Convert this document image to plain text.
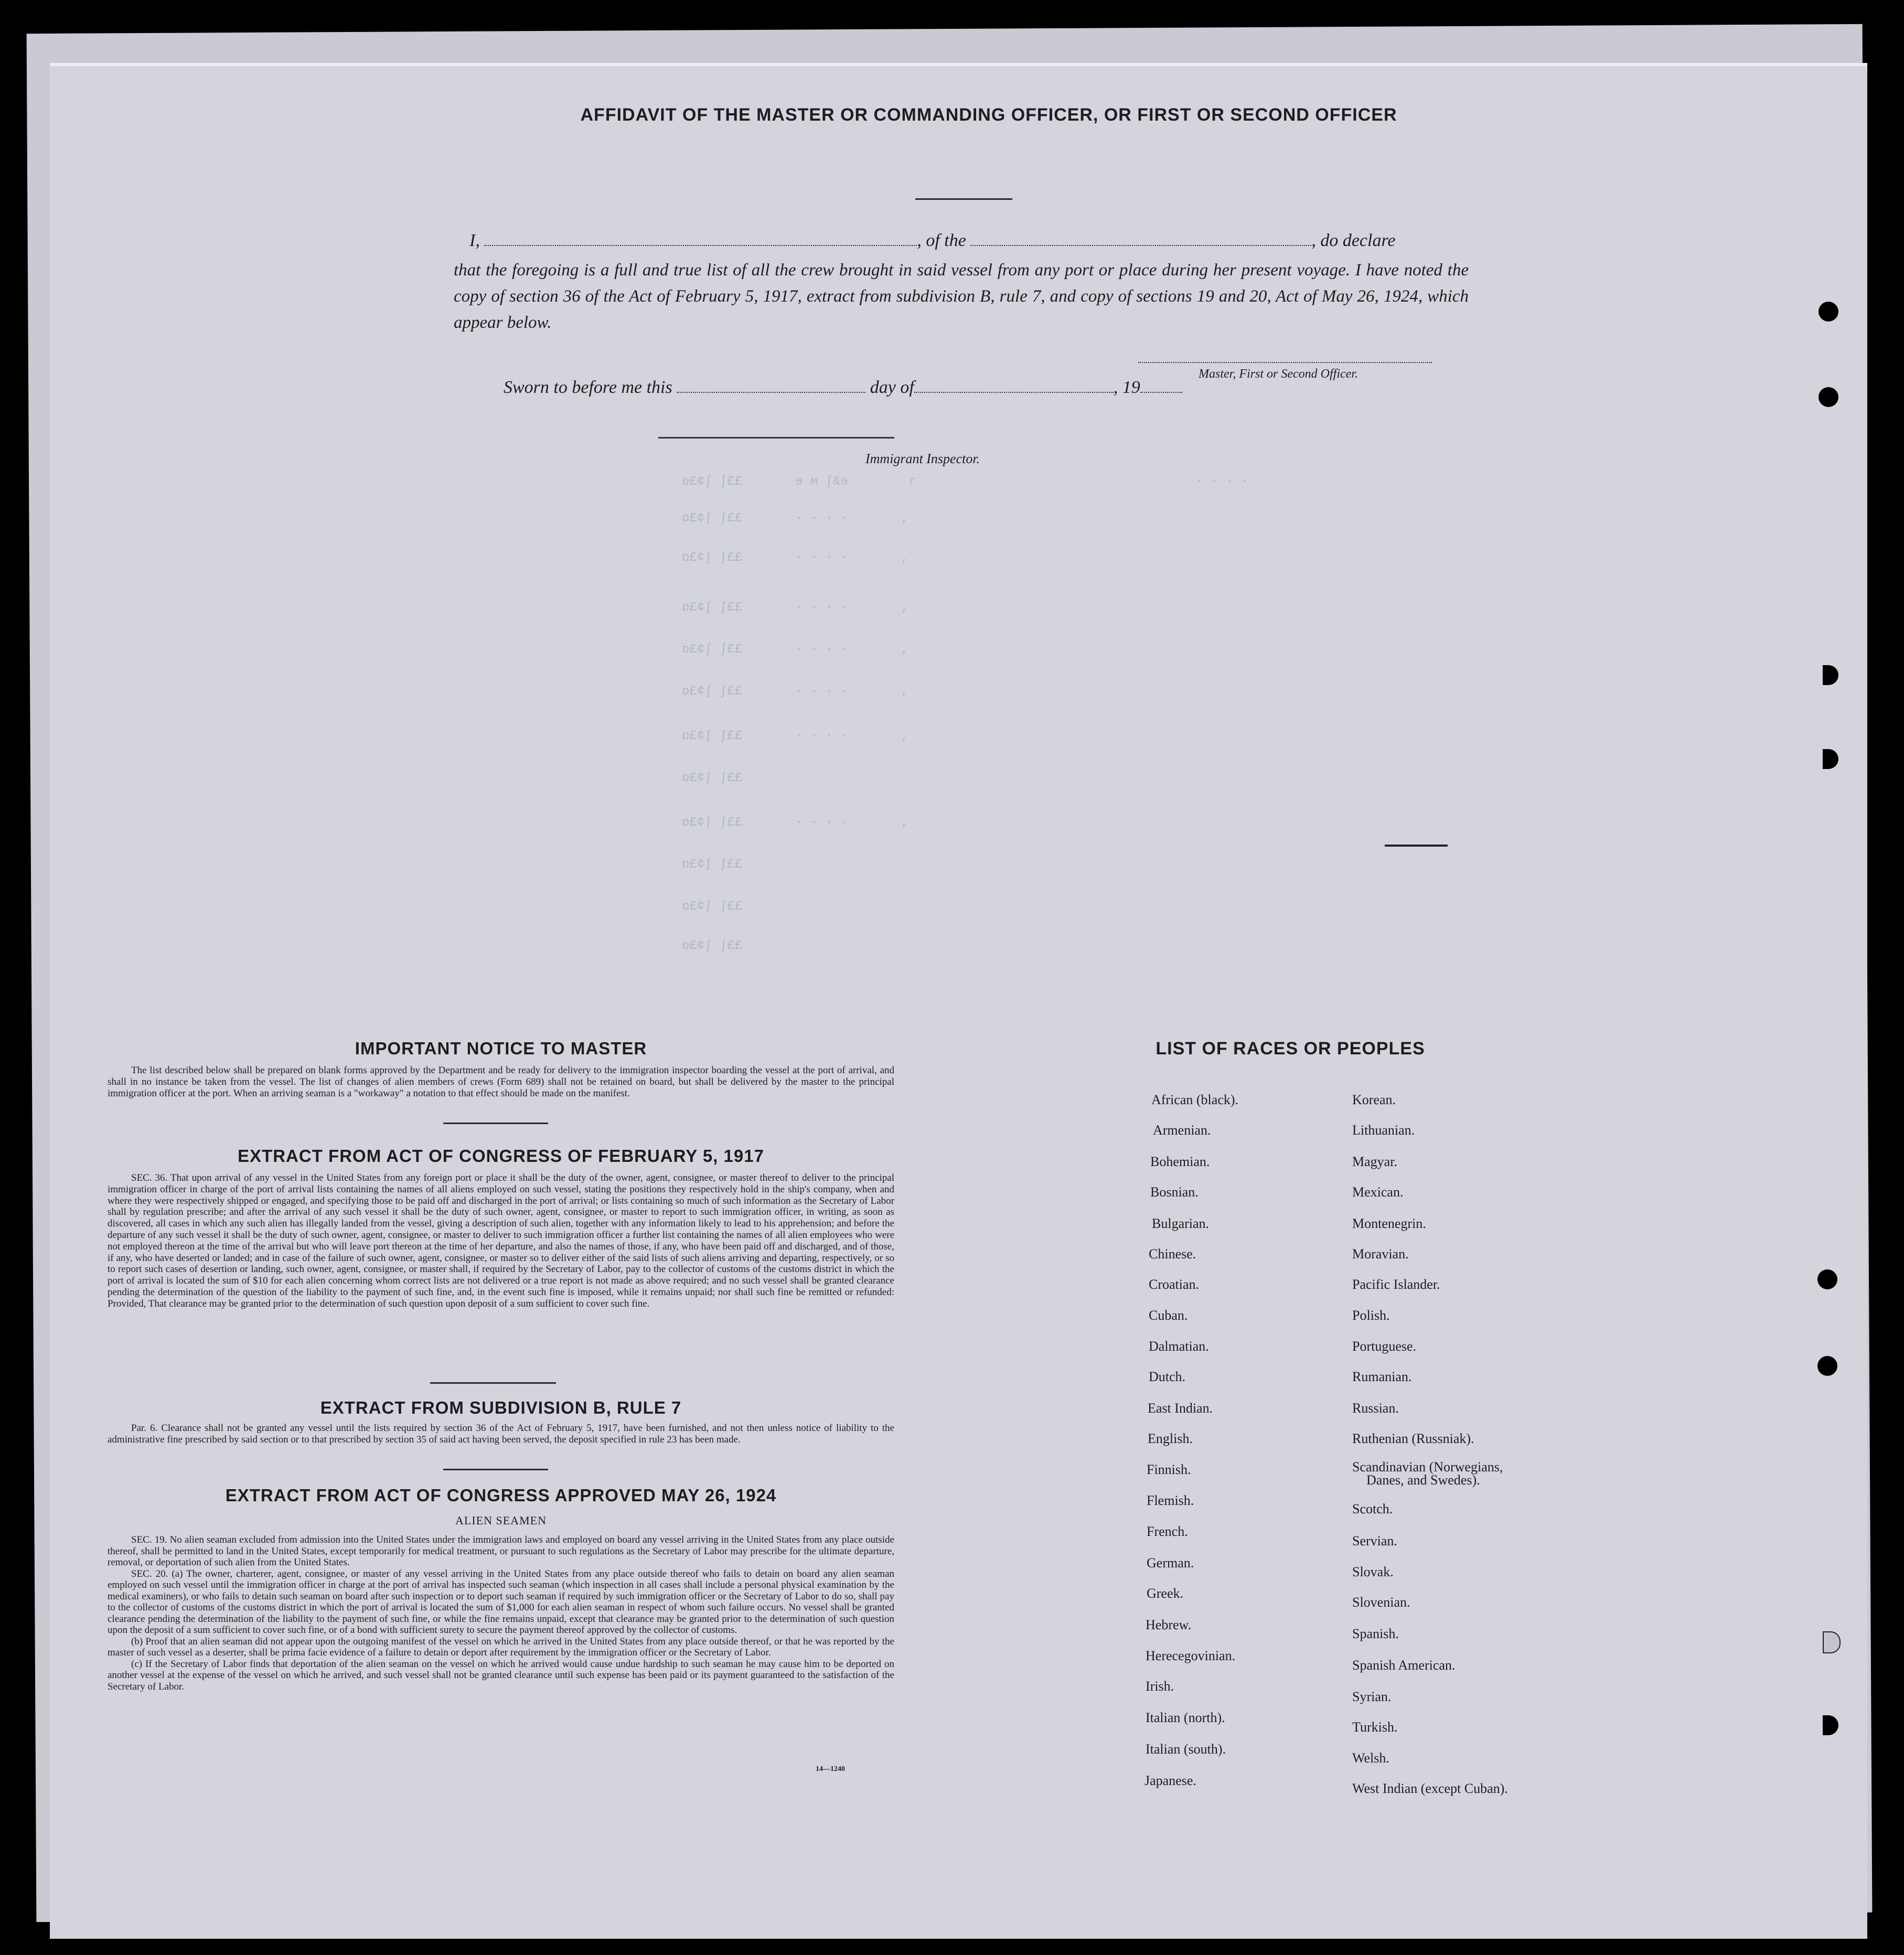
AFFIDAVIT OF THE MASTER OR COMMANDING OFFICER, OR FIRST OR SECOND OFFICER
I,	, of the	, do declare
that the foregoing is a full and true list of all the crew brought in said vessel from any port or place during her present voyage. I have noted the copy of section 36 of the Act of February 5, 1917, extract from subdivision B, rule 7, and copy of sections 19 and 20, Act of May 26, 1924, which appear below.
Master, First or Second Officer.
Sworn to before me this	day of	, 19
Immigrant Inspector.
ɒ£¢ʃ ʃ££       ɘ ʍ ʃ&ɘ        ɾ                                     · · · ·
ɒ£¢ʃ ʃ££       · · · ·       ,
ɒ£¢ʃ ʃ££       · · · ·       ,
ɒ£¢ʃ ʃ££       · · · ·       ,
ɒ£¢ʃ ʃ££       · · · ·       ,
ɒ£¢ʃ ʃ££       · · · ·       ,
ɒ£¢ʃ ʃ££       · · · ·       ,
ɒ£¢ʃ ʃ££
ɒ£¢ʃ ʃ££       · · · ·       ,
ɒ£¢ʃ ʃ££
ɒ£¢ʃ ʃ££
ɒ£¢ʃ ʃ££
IMPORTANT NOTICE TO MASTER

The list described below shall be prepared on blank forms approved by the Department and be ready for delivery to the immigration inspector boarding the vessel at the port of arrival, and shall in no instance be taken from the vessel. The list of changes of alien members of crews (Form 689) shall not be retained on board, but shall be delivered by the master to the principal immigration officer at the port. When an arriving seaman is a "workaway" a notation to that effect should be made on the manifest.

EXTRACT FROM ACT OF CONGRESS OF FEBRUARY 5, 1917

SEC. 36. That upon arrival of any vessel in the United States from any foreign port or place it shall be the duty of the owner, agent, consignee, or master thereof to deliver to the principal immigration officer in charge of the port of arrival lists containing the names of all aliens employed on such vessel, stating the positions they respectively hold in the ship's company, when and where they were respectively shipped or engaged, and specifying those to be paid off and discharged in the port of arrival; or lists containing so much of such information as the Secretary of Labor shall by regulation prescribe; and after the arrival of any such vessel it shall be the duty of such owner, agent, consignee, or master to report to such immigration officer, in writing, as soon as discovered, all cases in which any such alien has illegally landed from the vessel, giving a description of such alien, together with any information likely to lead to his apprehension; and before the departure of any such vessel it shall be the duty of such owner, agent, consignee, or master to deliver to such immigration officer a further list containing the names of all alien employees who were not employed thereon at the time of the arrival but who will leave port thereon at the time of her departure, and also the names of those, if any, who have been paid off and discharged, and of those, if any, who have deserted or landed; and in case of the failure of such owner, agent, consignee, or master so to deliver either of the said lists of such aliens arriving and departing, respectively, or so to report such cases of desertion or landing, such owner, agent, consignee, or master shall, if required by the Secretary of Labor, pay to the collector of customs of the customs district in which the port of arrival is located the sum of $10 for each alien concerning whom correct lists are not delivered or a true report is not made as above required; and no such vessel shall be granted clearance pending the determination of the question of the liability to the payment of such fine, and, in the event such fine is imposed, while it remains unpaid; nor shall such fine be remitted or refunded: Provided, That clearance may be granted prior to the determination of such question upon deposit of a sum sufficient to cover such fine.

EXTRACT FROM SUBDIVISION B, RULE 7

Par. 6. Clearance shall not be granted any vessel until the lists required by section 36 of the Act of February 5, 1917, have been furnished, and not then unless notice of liability to the administrative fine prescribed by said section or to that prescribed by section 35 of said act having been served, the deposit specified in rule 23 has been made.

EXTRACT FROM ACT OF CONGRESS APPROVED MAY 26, 1924
ALIEN SEAMEN

SEC. 19. No alien seaman excluded from admission into the United States under the immigration laws and employed on board any vessel arriving in the United States from any place outside thereof, shall be permitted to land in the United States, except temporarily for medical treatment, or pursuant to such regulations as the Secretary of Labor may prescribe for the ultimate departure, removal, or deportation of such alien from the United States.

SEC. 20. (a) The owner, charterer, agent, consignee, or master of any vessel arriving in the United States from any place outside thereof who fails to detain on board any alien seaman employed on such vessel until the immigration officer in charge at the port of arrival has inspected such seaman (which inspection in all cases shall include a personal physical examination by the medical examiners), or who fails to detain such seaman on board after such inspection or to deport such seaman if required by such immigration officer or the Secretary of Labor to do so, shall pay to the collector of customs of the customs district in which the port of arrival is located the sum of $1,000 for each alien seaman in respect of whom such failure occurs. No vessel shall be granted clearance pending the determination of the liability to the payment of such fine, or while the fine remains unpaid, except that clearance may be granted prior to the determination of such question upon the deposit of a sum sufficient to cover such fine, or of a bond with sufficient surety to secure the payment thereof approved by the collector of customs.

(b) Proof that an alien seaman did not appear upon the outgoing manifest of the vessel on which he arrived in the United States from any place outside thereof, or that he was reported by the master of such vessel as a deserter, shall be prima facie evidence of a failure to detain or deport after requirement by the immigration officer or the Secretary of Labor.

(c) If the Secretary of Labor finds that deportation of the alien seaman on the vessel on which he arrived would cause undue hardship to such seaman he may cause him to be deported on another vessel at the expense of the vessel on which he arrived, and such vessel shall not be granted clearance until such expense has been paid or its payment guaranteed to the satisfaction of the Secretary of Labor.

14—1240
LIST OF RACES OR PEOPLES
African (black).
Armenian.
Bohemian.
Bosnian.
Bulgarian.
Chinese.
Croatian.
Cuban.
Dalmatian.
Dutch.
East Indian.
English.
Finnish.
Flemish.
French.
German.
Greek.
Hebrew.
Herecegovinian.
Irish.
Italian (north).
Italian (south).
Japanese.
Korean.
Lithuanian.
Magyar.
Mexican.
Montenegrin.
Moravian.
Pacific Islander.
Polish.
Portuguese.
Rumanian.
Russian.
Ruthenian (Russniak).
Scandinavian (Norwegians,
Danes, and Swedes).
Scotch.
Servian.
Slovak.
Slovenian.
Spanish.
Spanish American.
Syrian.
Turkish.
Welsh.
West Indian (except Cuban).
